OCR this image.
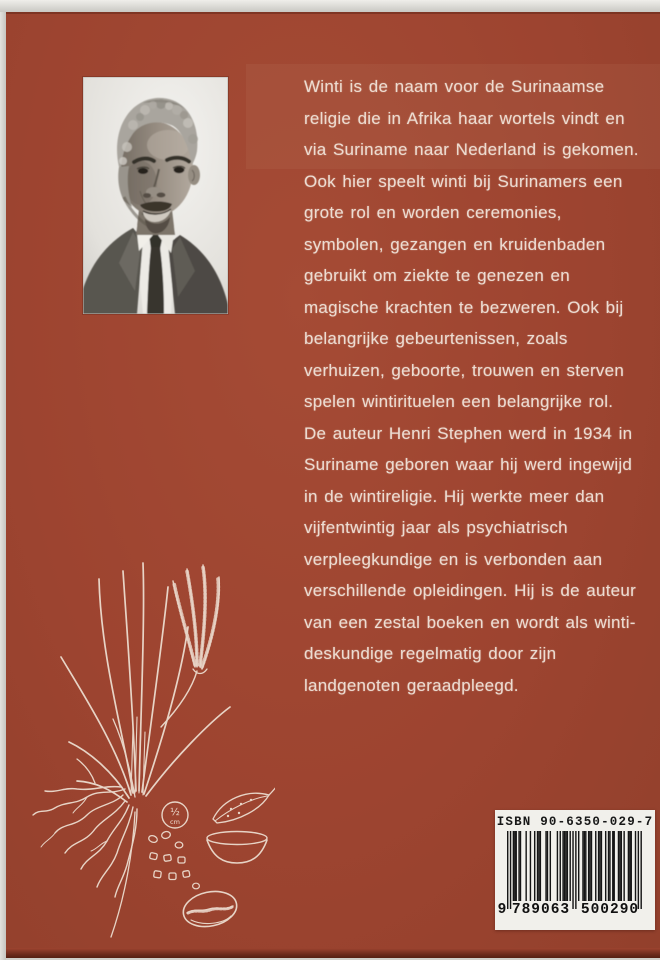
Winti is de naam voor de Surinaamse
religie die in Afrika haar wortels vindt en
via Suriname naar Nederland is gekomen.
Ook hier speelt winti bij Surinamers een
grote rol en worden ceremonies,
symbolen, gezangen en kruidenbaden
gebruikt om ziekte te genezen en
magische krachten te bezweren. Ook bij
belangrijke gebeurtenissen, zoals
verhuizen, geboorte, trouwen en sterven
spelen wintirituelen een belangrijke rol.
De auteur Henri Stephen werd in 1934 in
Suriname geboren waar hij werd ingewijd
in de wintireligie. Hij werkte meer dan
vijfentwintig jaar als psychiatrisch
verpleegkundige en is verbonden aan
verschillende opleidingen. Hij is de auteur
van een zestal boeken en wordt als winti-
deskundige regelmatig door zijn
landgenoten geraadpleegd.
½
cm	ISBN 90-6350-029-7
9 789063 500290
